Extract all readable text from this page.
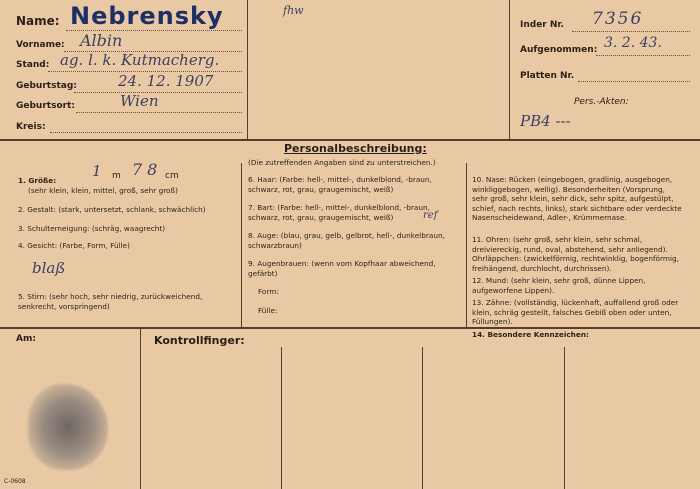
Name: Nebrensky
Vorname: Albin
Stand: ag. l. k. Kutmacherg.
Geburtstag:	24. 12. 1907
Geburtsort:	Wien
Kreis:
fhw
Inder Nr. 7356
Aufgenommen: 3. 2. 43.
Platten Nr.
Pers.-Akten:
PB4 ---
Personalbeschreibung:
(Die zutreffenden Angaben sind zu unterstreichen.)
1. Größe:
1 m 78 cm
(sehr klein, klein, mittel, groß, sehr groß)
2. Gestalt: (stark, untersetzt, schlank, schwächlich)
3. Schulterneigung: (schräg, waagrecht)
4. Gesicht: (Farbe, Form, Fülle)
blaß
5. Stirn: (sehr hoch, sehr niedrig, zurückweichend, senkrecht, vorspringend)
6. Haar: (Farbe: hell-, mittel-, dunkelblond, -braun, schwarz, rot, grau, graugemischt, weiß)
7. Bart: (Farbe: hell-, mittel-, dunkelblond, -braun, schwarz, rot, grau, graugemischt, weiß)	ref
8. Auge: (blau, grau, gelb, gelbrot, hell-, dunkelbraun, schwarzbraun)
9. Augenbrauen: (wenn vom Kopfhaar abweichend, gefärbt)
Form:
Fülle:
10. Nase: Rücken (eingebogen, gradlinig, ausgebogen, winkliggebogen, wellig). Besonderheiten (Vorsprung, sehr groß, sehr klein, sehr dick, sehr spitz, aufgestülpt, schief, nach rechts, links), stark sichtbare oder verdeckte Nasenscheidewand, Adler-, Krümmernase.
11. Ohren: (sehr groß, sehr klein, sehr schmal, dreiviereckig, rund, oval, abstehend, sehr anliegend). Ohrläppchen: (zwickelförmig, rechtwinklig, bogenförmig, freihängend, durchlocht, durchrissen).
12. Mund: (sehr klein, sehr groß, dünne Lippen, aufgeworfene Lippen).
13. Zähne: (vollständig, lückenhaft, auffallend groß oder klein, schräg gestellt, falsches Gebiß oben oder unten, Füllungen).
14. Besondere Kennzeichen:
Am:	Kontrollfinger:
C-0608
